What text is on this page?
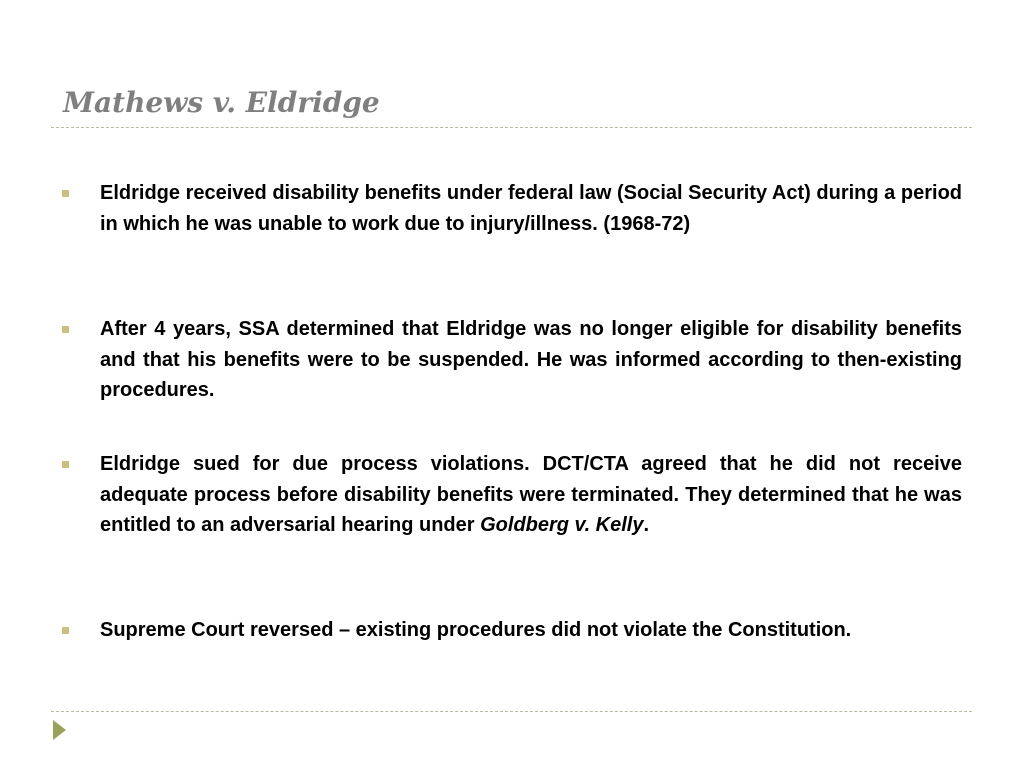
Mathews v. Eldridge

Eldridge received disability benefits under federal law (Social Security Act) during a period in which he was unable to work due to injury/illness. (1968-72)

After 4 years, SSA determined that Eldridge was no longer eligible for disability benefits and that his benefits were to be suspended. He was informed according to then-existing procedures.

Eldridge sued for due process violations. DCT/CTA agreed that he did not receive adequate process before disability benefits were terminated. They determined that he was entitled to an adversarial hearing under Goldberg v. Kelly.

Supreme Court reversed – existing procedures did not violate the Constitution.
